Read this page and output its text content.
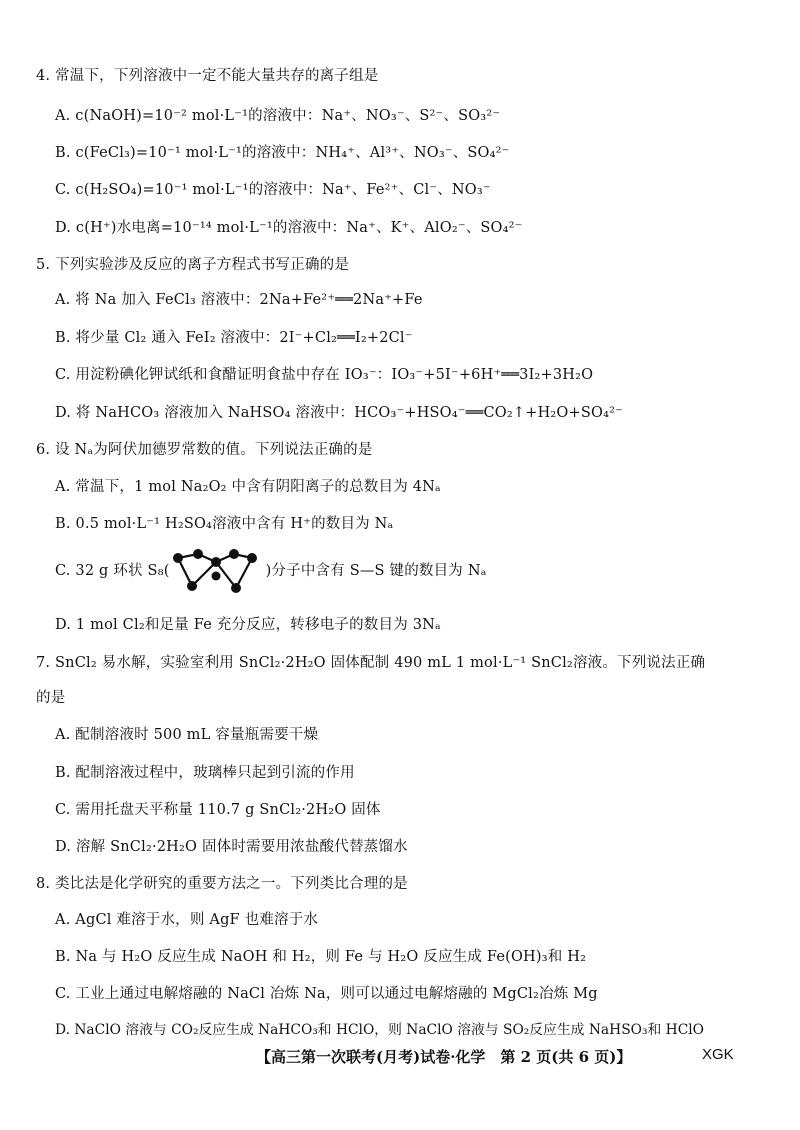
4. 常温下，下列溶液中一定不能大量共存的离子组是
A. c(NaOH)=10⁻² mol·L⁻¹的溶液中：Na⁺、NO₃⁻、S²⁻、SO₃²⁻
B. c(FeCl₃)=10⁻¹ mol·L⁻¹的溶液中：NH₄⁺、Al³⁺、NO₃⁻、SO₄²⁻
C. c(H₂SO₄)=10⁻¹ mol·L⁻¹的溶液中：Na⁺、Fe²⁺、Cl⁻、NO₃⁻
D. c(H⁺)水电离=10⁻¹⁴ mol·L⁻¹的溶液中：Na⁺、K⁺、AlO₂⁻、SO₄²⁻
5. 下列实验涉及反应的离子方程式书写正确的是
A. 将 Na 加入 FeCl₃ 溶液中：2Na+Fe²⁺══2Na⁺+Fe
B. 将少量 Cl₂ 通入 FeI₂ 溶液中：2I⁻+Cl₂══I₂+2Cl⁻
C. 用淀粉碘化钾试纸和食醋证明食盐中存在 IO₃⁻：IO₃⁻+5I⁻+6H⁺══3I₂+3H₂O
D. 将 NaHCO₃ 溶液加入 NaHSO₄ 溶液中：HCO₃⁻+HSO₄⁻══CO₂↑+H₂O+SO₄²⁻
6. 设 Nₐ为阿伏加德罗常数的值。下列说法正确的是
A. 常温下，1 mol Na₂O₂ 中含有阴阳离子的总数目为 4Nₐ
B. 0.5 mol·L⁻¹ H₂SO₄溶液中含有 H⁺的数目为 Nₐ
C. 32 g 环状 S₈(	)分子中含有 S—S 键的数目为 Nₐ
D. 1 mol Cl₂和足量 Fe 充分反应，转移电子的数目为 3Nₐ
7. SnCl₂ 易水解，实验室利用 SnCl₂·2H₂O 固体配制 490 mL 1 mol·L⁻¹ SnCl₂溶液。下列说法正确
的是
A. 配制溶液时 500 mL 容量瓶需要干燥
B. 配制溶液过程中，玻璃棒只起到引流的作用
C. 需用托盘天平称量 110.7 g SnCl₂·2H₂O 固体
D. 溶解 SnCl₂·2H₂O 固体时需要用浓盐酸代替蒸馏水
8. 类比法是化学研究的重要方法之一。下列类比合理的是
A. AgCl 难溶于水，则 AgF 也难溶于水
B. Na 与 H₂O 反应生成 NaOH 和 H₂，则 Fe 与 H₂O 反应生成 Fe(OH)₃和 H₂
C. 工业上通过电解熔融的 NaCl 冶炼 Na，则可以通过电解熔融的 MgCl₂冶炼 Mg
D. NaClO 溶液与 CO₂反应生成 NaHCO₃和 HClO，则 NaClO 溶液与 SO₂反应生成 NaHSO₃和 HClO
【高三第一次联考(月考)试卷·化学　第 2 页(共 6 页)】	XGK
